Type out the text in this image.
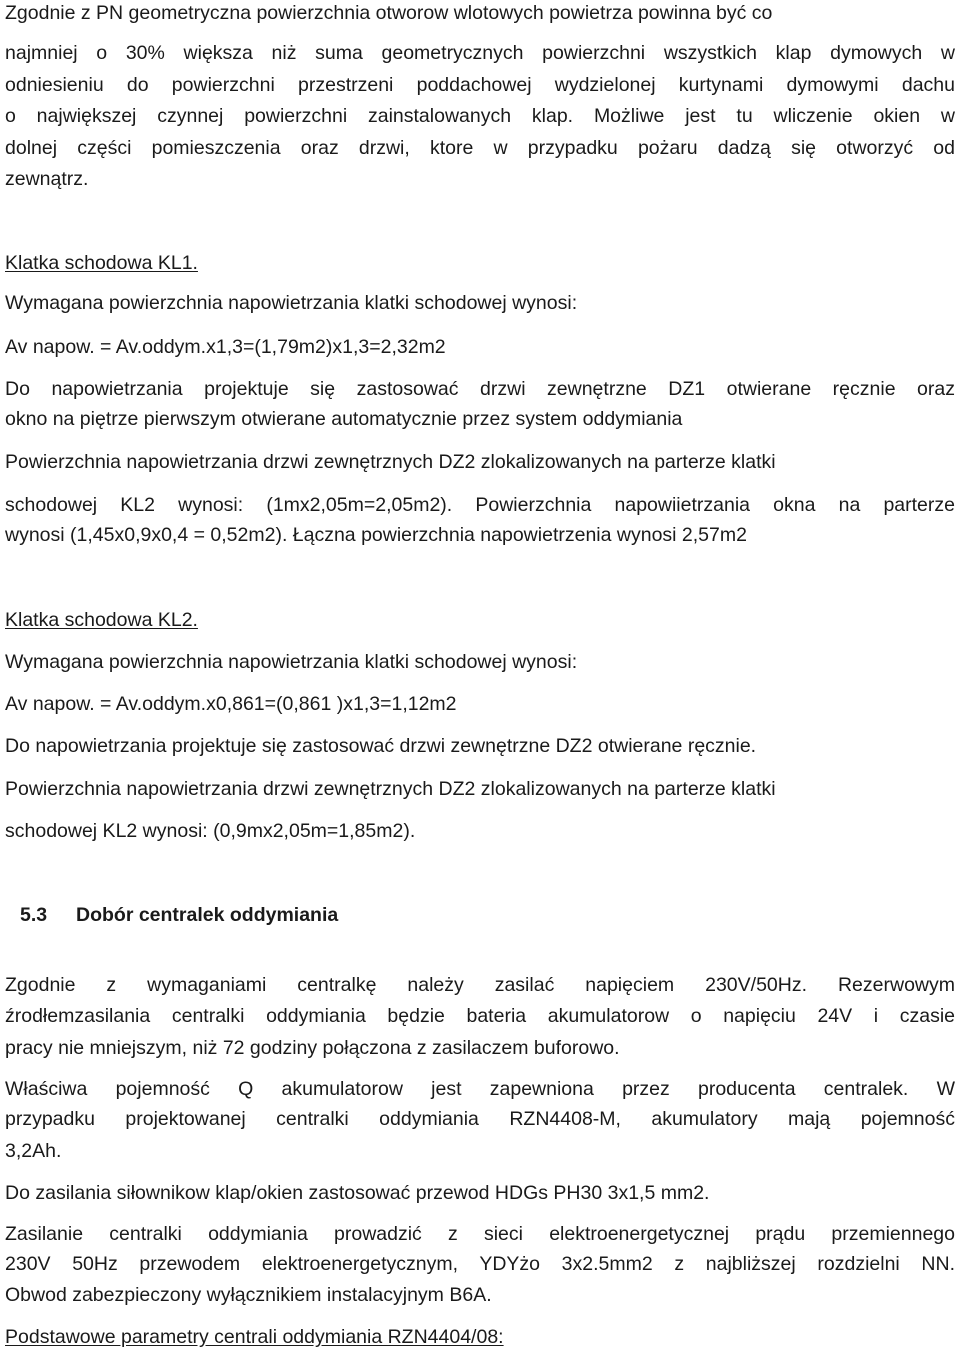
Zgodnie z PN geometryczna powierzchnia otworow wlotowych powietrza powinna być co
najmniej o 30% większa niż suma geometrycznych powierzchni wszystkich klap dymowych w
odniesieniu do powierzchni przestrzeni poddachowej wydzielonej kurtynami dymowymi dachu
o największej czynnej powierzchni zainstalowanych klap. Możliwe jest tu wliczenie okien w
dolnej części pomieszczenia oraz drzwi, ktore w przypadku pożaru dadzą się otworzyć od
zewnątrz.
Klatka schodowa KL1.
Wymagana powierzchnia napowietrzania klatki schodowej wynosi:
Av napow. = Av.oddym.x1,3=(1,79m2)x1,3=2,32m2
Do napowietrzania projektuje się zastosować drzwi zewnętrzne DZ1 otwierane ręcznie oraz
okno na piętrze pierwszym otwierane automatycznie przez system oddymiania
Powierzchnia napowietrzania drzwi zewnętrznych DZ2 zlokalizowanych na parterze klatki
schodowej KL2 wynosi: (1mx2,05m=2,05m2). Powierzchnia napowiietrzania okna na parterze
wynosi (1,45x0,9x0,4 = 0,52m2). Łączna powierzchnia napowietrzenia wynosi 2,57m2
Klatka schodowa KL2.
Wymagana powierzchnia napowietrzania klatki schodowej wynosi:
Av napow. = Av.oddym.x0,861=(0,861 )x1,3=1,12m2
Do napowietrzania projektuje się zastosować drzwi zewnętrzne DZ2 otwierane ręcznie.
Powierzchnia napowietrzania drzwi zewnętrznych DZ2 zlokalizowanych na parterze klatki
schodowej KL2 wynosi: (0,9mx2,05m=1,85m2).
5.3 Dobór centralek oddymiania
Zgodnie z wymaganiami centralkę należy zasilać napięciem 230V/50Hz. Rezerwowym
źrodłemzasilania centralki oddymiania będzie bateria akumulatorow o napięciu 24V i czasie
pracy nie mniejszym, niż 72 godziny połączona z zasilaczem buforowo.
Właściwa pojemność Q akumulatorow jest zapewniona przez producenta centralek. W
przypadku projektowanej centralki oddymiania RZN4408-M, akumulatory mają pojemność
3,2Ah.
Do zasilania siłownikow klap/okien zastosować przewod HDGs PH30 3x1,5 mm2.
Zasilanie centralki oddymiania prowadzić z sieci elektroenergetycznej prądu przemiennego
230V 50Hz przewodem elektroenergetycznym, YDYżo 3x2.5mm2 z najbliższej rozdzielni NN.
Obwod zabezpieczony wyłącznikiem instalacyjnym B6A.
Podstawowe parametry centrali oddymiania RZN4404/08:
